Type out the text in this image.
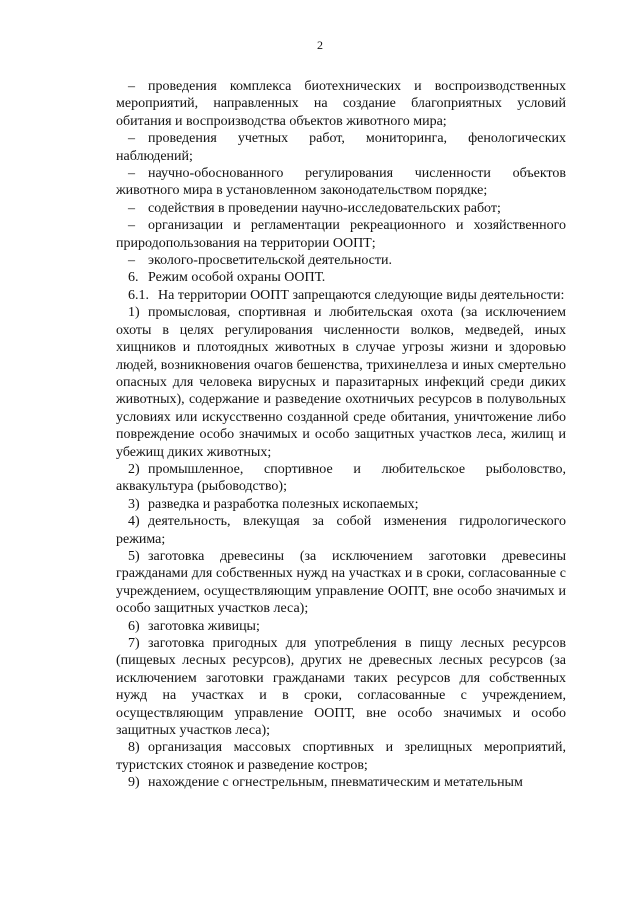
2

– проведения комплекса биотехнических и воспроизводственных мероприятий, направленных на создание благоприятных условий обитания и воспроизводства объектов животного мира;

– проведения учетных работ, мониторинга, фенологических наблюдений;

– научно-обоснованного регулирования численности объектов животного мира в установленном законодательством порядке;

– содействия в проведении научно-исследовательских работ;

– организации и регламентации рекреационного и хозяйственного природопользования на территории ООПТ;

– эколого-просветительской деятельности.

6. Режим особой охраны ООПТ.

6.1. На территории ООПТ запрещаются следующие виды деятельности:

1) промысловая, спортивная и любительская охота (за исключением охоты в целях регулирования численности волков, медведей, иных хищников и плотоядных животных в случае угрозы жизни и здоровью людей, возникновения очагов бешенства, трихинеллеза и иных смертельно опасных для человека вирусных и паразитарных инфекций среди диких животных), содержание и разведение охотничьих ресурсов в полувольных условиях или искусственно созданной среде обитания, уничтожение либо повреждение особо значимых и особо защитных участков леса, жилищ и убежищ диких животных;

2) промышленное, спортивное и любительское рыболовство, аквакультура (рыбоводство);

3) разведка и разработка полезных ископаемых;

4) деятельность, влекущая за собой изменения гидрологического режима;

5) заготовка древесины (за исключением заготовки древесины гражданами для собственных нужд на участках и в сроки, согласованные с учреждением, осуществляющим управление ООПТ, вне особо значимых и особо защитных участков леса);

6) заготовка живицы;

7) заготовка пригодных для употребления в пищу лесных ресурсов (пищевых лесных ресурсов), других не древесных лесных ресурсов (за исключением заготовки гражданами таких ресурсов для собственных нужд на участках и в сроки, согласованные с учреждением, осуществляющим управление ООПТ, вне особо значимых и особо защитных участков леса);

8) организация массовых спортивных и зрелищных мероприятий, туристских стоянок и разведение костров;

9) нахождение с огнестрельным, пневматическим и метательным
